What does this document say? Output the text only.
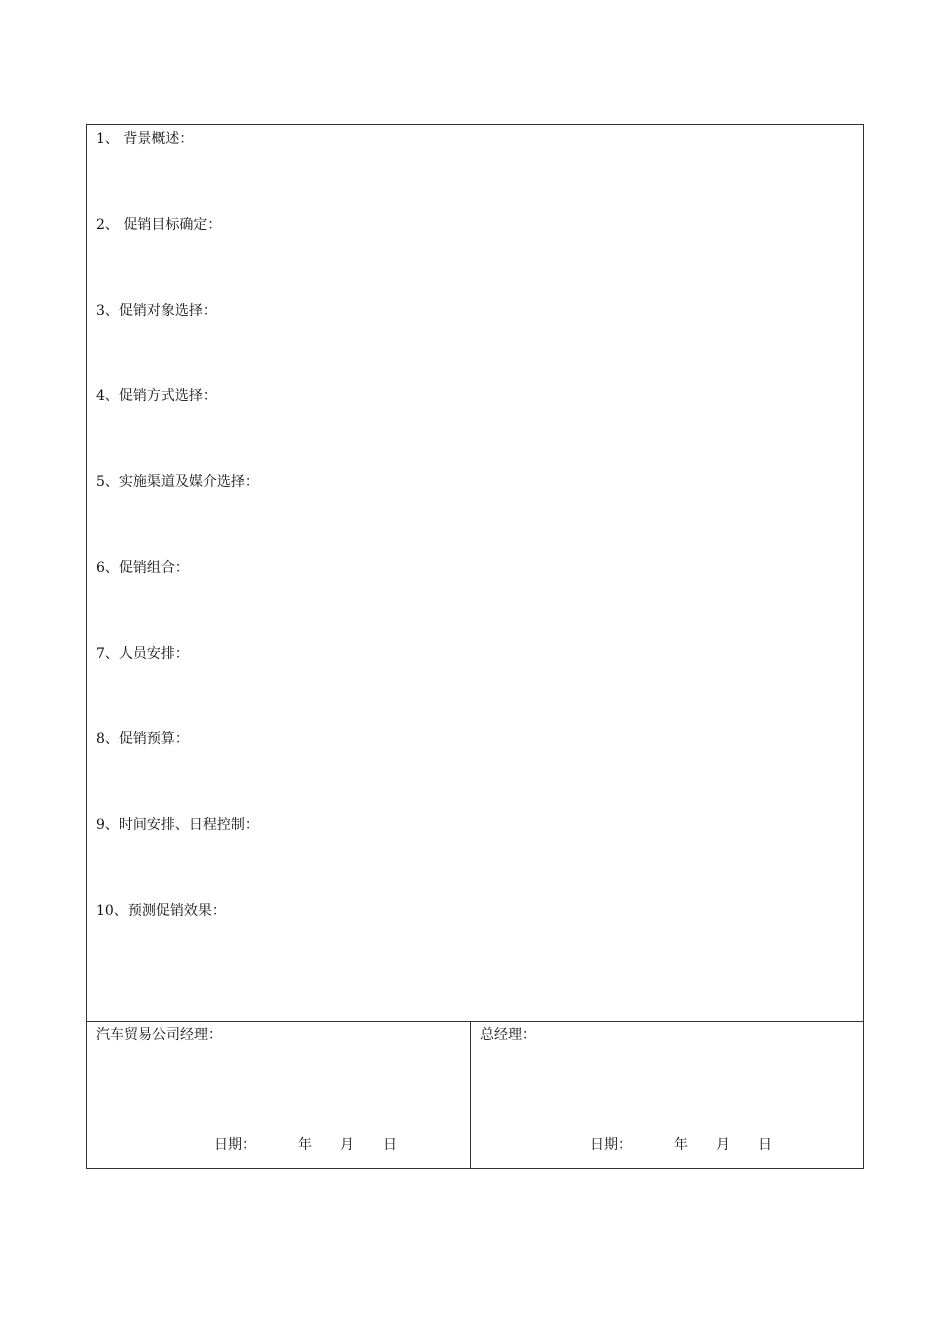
1、 背景概述：
2、 促销目标确定：
3、促销对象选择：
4、促销方式选择：
5、实施渠道及媒介选择：
6、促销组合：
7、人员安排：
8、促销预算：
9、时间安排、日程控制：
10、预测促销效果：
汽车贸易公司经理：
日期：	年 月 日
总经理：
日期：	年 月 日
